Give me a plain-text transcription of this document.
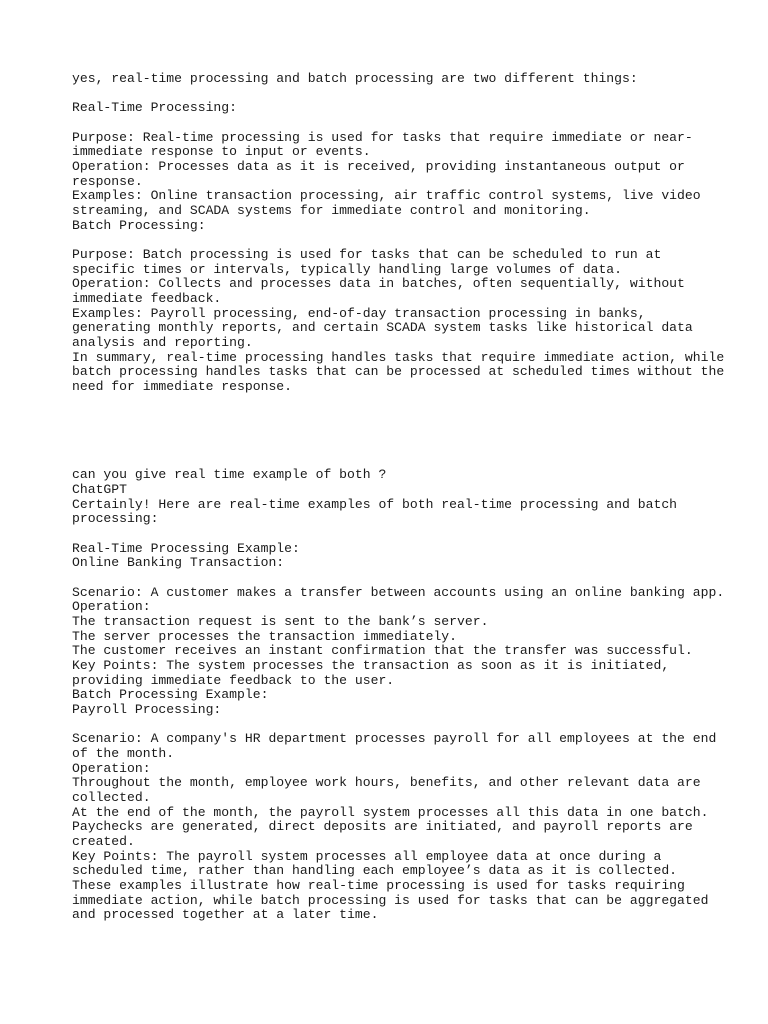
yes, real-time processing and batch processing are two different things:
Real-Time Processing:
Purpose: Real-time processing is used for tasks that require immediate or near-
immediate response to input or events.
Operation: Processes data as it is received, providing instantaneous output or
response.
Examples: Online transaction processing, air traffic control systems, live video
streaming, and SCADA systems for immediate control and monitoring.
Batch Processing:
Purpose: Batch processing is used for tasks that can be scheduled to run at
specific times or intervals, typically handling large volumes of data.
Operation: Collects and processes data in batches, often sequentially, without
immediate feedback.
Examples: Payroll processing, end-of-day transaction processing in banks,
generating monthly reports, and certain SCADA system tasks like historical data
analysis and reporting.
In summary, real-time processing handles tasks that require immediate action, while
batch processing handles tasks that can be processed at scheduled times without the
need for immediate response.
can you give real time example of both ?
ChatGPT
Certainly! Here are real-time examples of both real-time processing and batch
processing:
Real-Time Processing Example:
Online Banking Transaction:
Scenario: A customer makes a transfer between accounts using an online banking app.
Operation:
The transaction request is sent to the bank’s server.
The server processes the transaction immediately.
The customer receives an instant confirmation that the transfer was successful.
Key Points: The system processes the transaction as soon as it is initiated,
providing immediate feedback to the user.
Batch Processing Example:
Payroll Processing:
Scenario: A company's HR department processes payroll for all employees at the end
of the month.
Operation:
Throughout the month, employee work hours, benefits, and other relevant data are
collected.
At the end of the month, the payroll system processes all this data in one batch.
Paychecks are generated, direct deposits are initiated, and payroll reports are
created.
Key Points: The payroll system processes all employee data at once during a
scheduled time, rather than handling each employee’s data as it is collected.
These examples illustrate how real-time processing is used for tasks requiring
immediate action, while batch processing is used for tasks that can be aggregated
and processed together at a later time.
